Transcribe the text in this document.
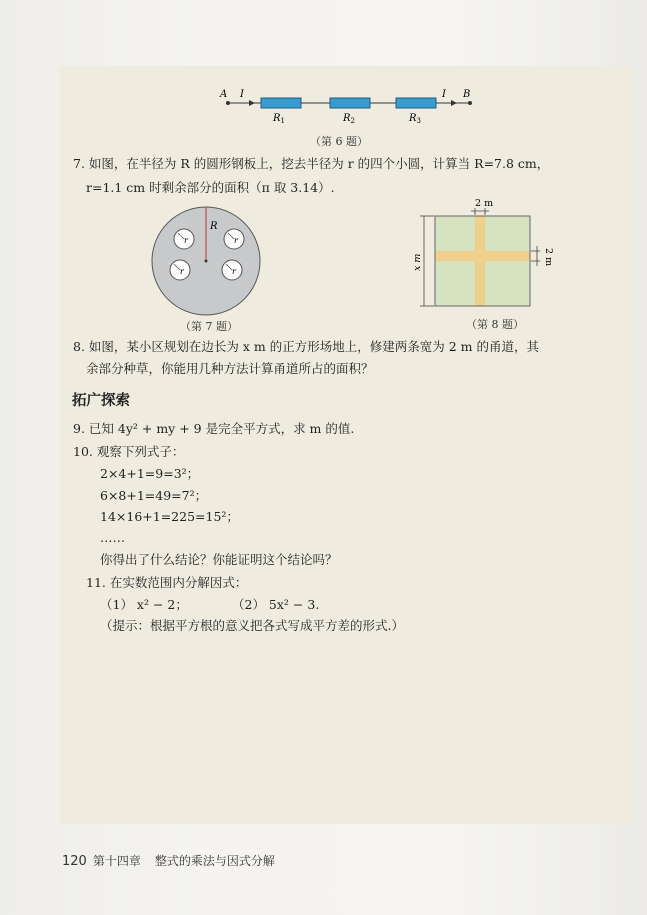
A I	I B
$R_1$	$R_2$	$R_3$
（第 6 题）
7. 如图，在半径为 R 的圆形钢板上，挖去半径为 r 的四个小圆，计算当 R=7.8 cm，
r=1.1 cm 时剩余部分的面积（π 取 3.14）.
R
r	r
r	r
（第 7 题）
2 m
2 m
x m
（第 8 题）
8. 如图，某小区规划在边长为 x m 的正方形场地上，修建两条宽为 2 m 的甬道，其
余部分种草，你能用几种方法计算甬道所占的面积？
拓广探索
9. 已知 4y² + my + 9 是完全平方式，求 m 的值.
10. 观察下列式子：
2×4+1=9=3²；
6×8+1=49=7²；
14×16+1=225=15²；
……
你得出了什么结论？你能证明这个结论吗？
11. 在实数范围内分解因式：
（1） x² − 2；	（2） 5x² − 3.
（提示：根据平方根的意义把各式写成平方差的形式.）
120 第十四章 整式的乘法与因式分解
